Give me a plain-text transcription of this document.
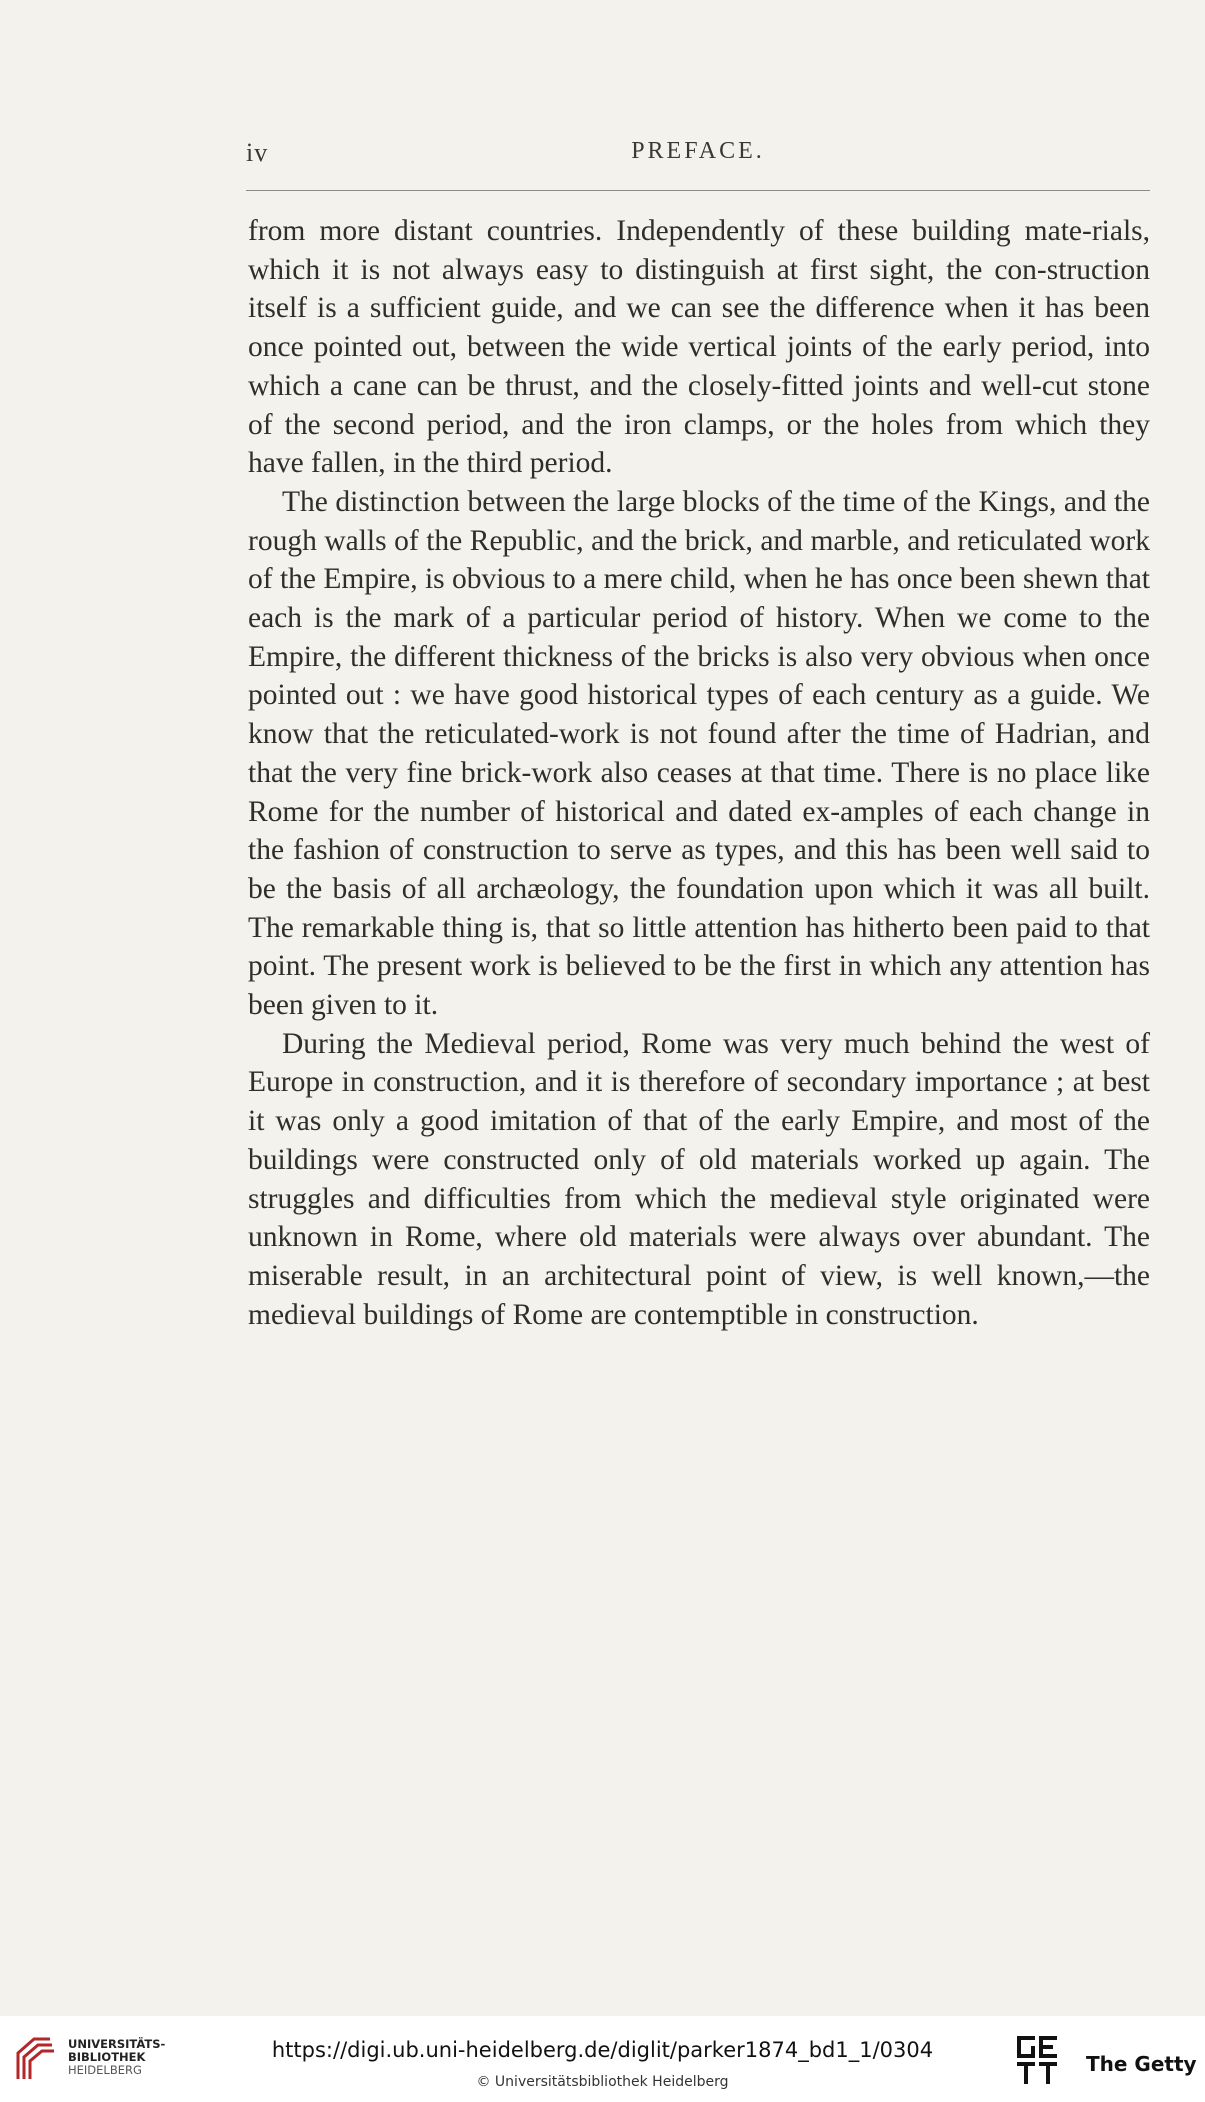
iv	PREFACE.

from more distant countries. Independently of these building mate-rials, which it is not always easy to distinguish at first sight, the con-struction itself is a sufficient guide, and we can see the difference when it has been once pointed out, between the wide vertical joints of the early period, into which a cane can be thrust, and the closely-fitted joints and well-cut stone of the second period, and the iron clamps, or the holes from which they have fallen, in the third period.

The distinction between the large blocks of the time of the Kings, and the rough walls of the Republic, and the brick, and marble, and reticulated work of the Empire, is obvious to a mere child, when he has once been shewn that each is the mark of a particular period of history. When we come to the Empire, the different thickness of the bricks is also very obvious when once pointed out : we have good historical types of each century as a guide. We know that the reticulated-work is not found after the time of Hadrian, and that the very fine brick-work also ceases at that time. There is no place like Rome for the number of historical and dated ex-amples of each change in the fashion of construction to serve as types, and this has been well said to be the basis of all archæology, the foundation upon which it was all built. The remarkable thing is, that so little attention has hitherto been paid to that point. The present work is believed to be the first in which any attention has been given to it.

During the Medieval period, Rome was very much behind the west of Europe in construction, and it is therefore of secondary importance ; at best it was only a good imitation of that of the early Empire, and most of the buildings were constructed only of old materials worked up again. The struggles and difficulties from which the medieval style originated were unknown in Rome, where old materials were always over abundant. The miserable result, in an architectural point of view, is well known,—the medieval buildings of Rome are contemptible in construction.

UNIVERSITÄTS-
BIBLIOTHEK
HEIDELBERG
https://digi.ub.uni-heidelberg.de/diglit/parker1874_bd1_1/0304
© Universitätsbibliothek Heidelberg
The Getty
